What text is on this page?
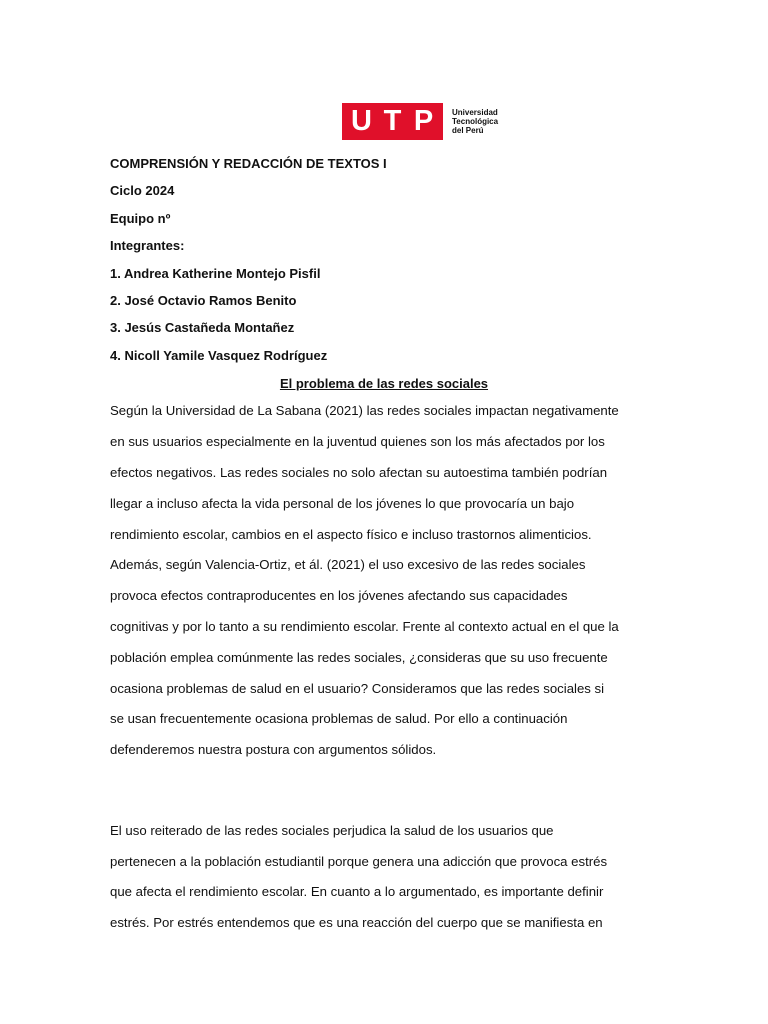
U T P	Universidad
Tecnológica
del Perú
COMPRENSIÓN Y REDACCIÓN DE TEXTOS I
Ciclo 2024
Equipo nº
Integrantes:
1. Andrea Katherine Montejo Pisfil
2. José Octavio Ramos Benito
3. Jesús Castañeda Montañez
4. Nicoll Yamile Vasquez Rodríguez
El problema de las redes sociales
Según la Universidad de La Sabana (2021) las redes sociales impactan negativamente
en sus usuarios especialmente en la juventud quienes son los más afectados por los
efectos negativos. Las redes sociales no solo afectan su autoestima también podrían
llegar a incluso afecta la vida personal de los jóvenes lo que provocaría un bajo
rendimiento escolar, cambios en el aspecto físico e incluso trastornos alimenticios.
Además, según Valencia-Ortiz, et ál. (2021) el uso excesivo de las redes sociales
provoca efectos contraproducentes en los jóvenes afectando sus capacidades
cognitivas y por lo tanto a su rendimiento escolar. Frente al contexto actual en el que la
población emplea comúnmente las redes sociales, ¿consideras que su uso frecuente
ocasiona problemas de salud en el usuario? Consideramos que las redes sociales si
se usan frecuentemente ocasiona problemas de salud. Por ello a continuación
defenderemos nuestra postura con argumentos sólidos.
El uso reiterado de las redes sociales perjudica la salud de los usuarios que
pertenecen a la población estudiantil porque genera una adicción que provoca estrés
que afecta el rendimiento escolar. En cuanto a lo argumentado, es importante definir
estrés. Por estrés entendemos que es una reacción del cuerpo que se manifiesta en
